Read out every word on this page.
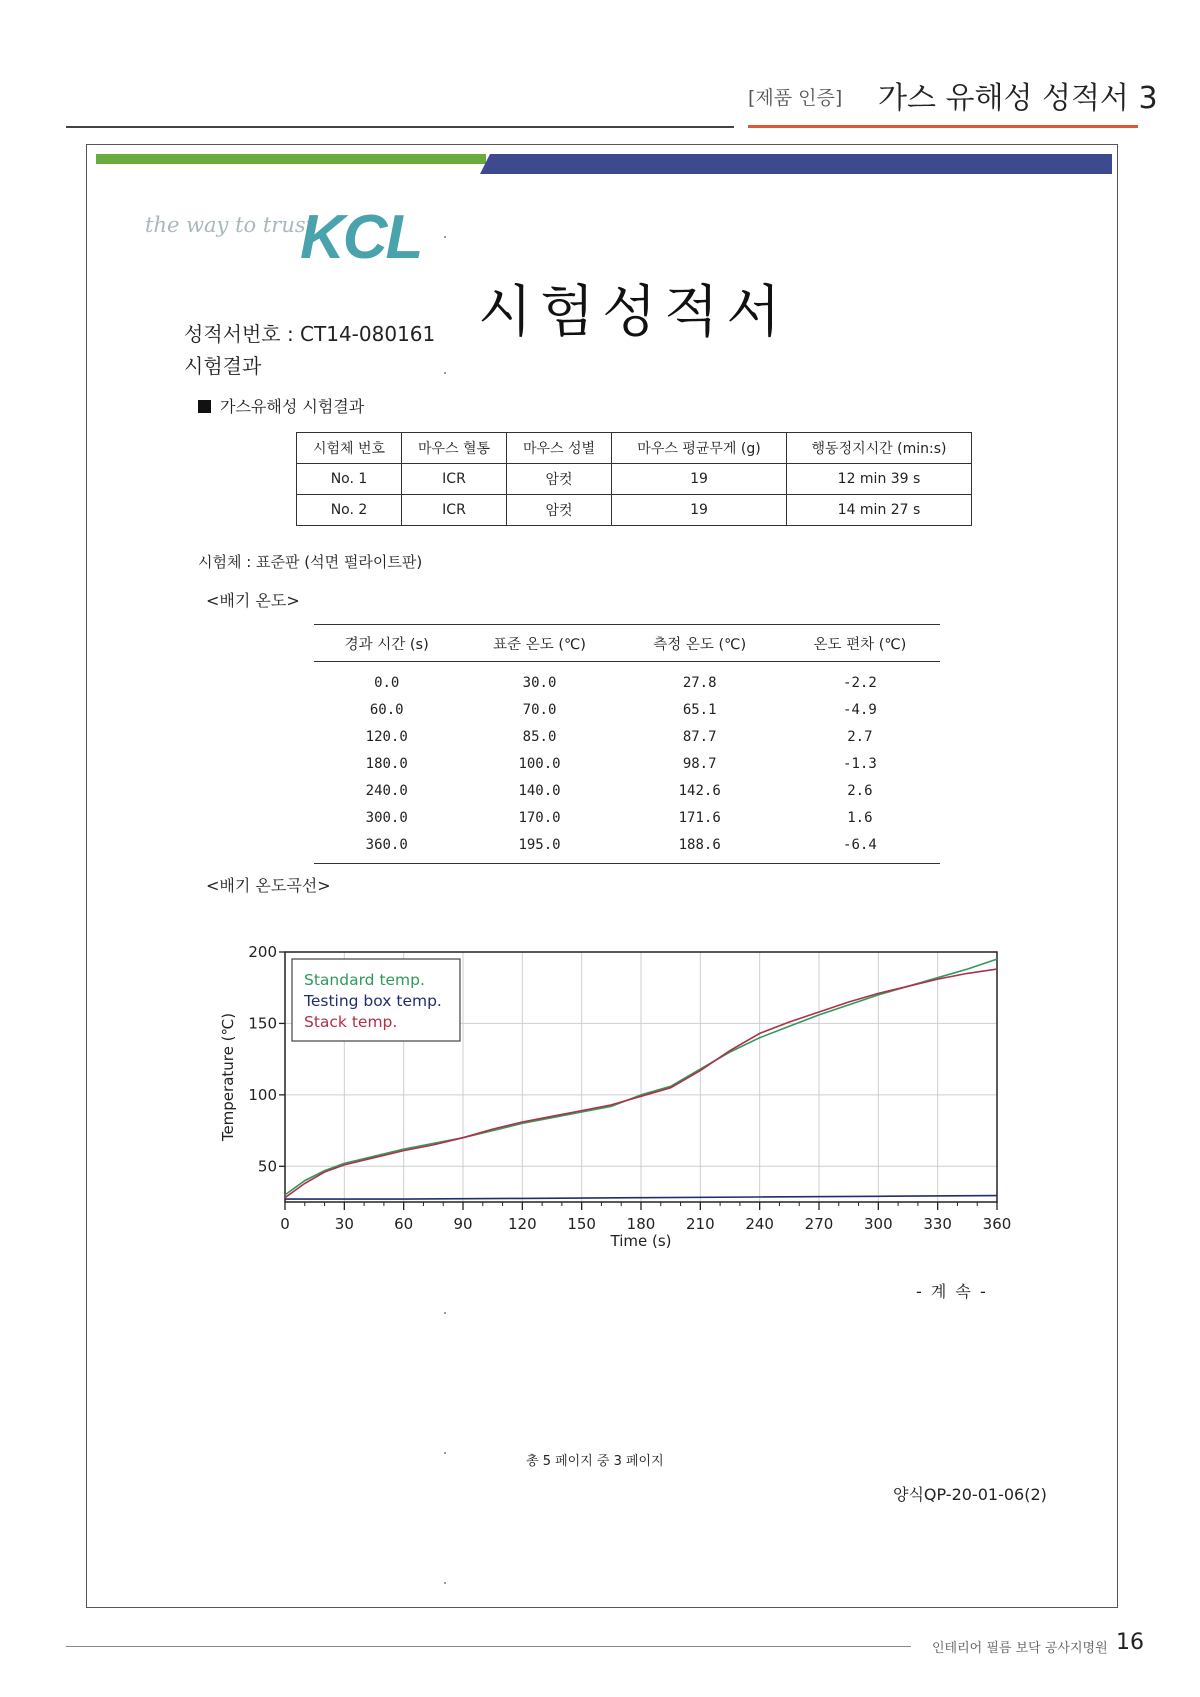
[제품 인증] 가스 유해성 성적서 3
the way to trust
KCL
시험성적서
성적서번호 : CT14-080161
시험결과
가스유해성 시험결과
시험체 번호	마우스 혈통	마우스 성별	마우스 평균무게 (g)	행동정지시간 (min:s)
No. 1	ICR	암컷	19	12 min 39 s
No. 2	ICR	암컷	19	14 min 27 s
시험체 : 표준판 (석면 펄라이트판)
<배기 온도>
경과 시간 (s)	표준 온도 (℃)	측정 온도 (℃)	온도 편차 (℃)
0.0	30.0	27.8	-2.2
60.0	70.0	65.1	-4.9
120.0	85.0	87.7	2.7
180.0	100.0	98.7	-1.3
240.0	140.0	142.6	2.6
300.0	170.0	171.6	1.6
360.0	195.0	188.6	-6.4
<배기 온도곡선>
0	30	60	90 120 150 180 210 240 270 300 330 360
50
100
150
200
Time (s)
Temperature (℃)
Standard temp.
Testing box temp.
Stack temp.
- 계 속 -
총 5 페이지 중 3 페이지
양식QP-20-01-06(2)
인테리어 필름 보닥 공사지명원 16
